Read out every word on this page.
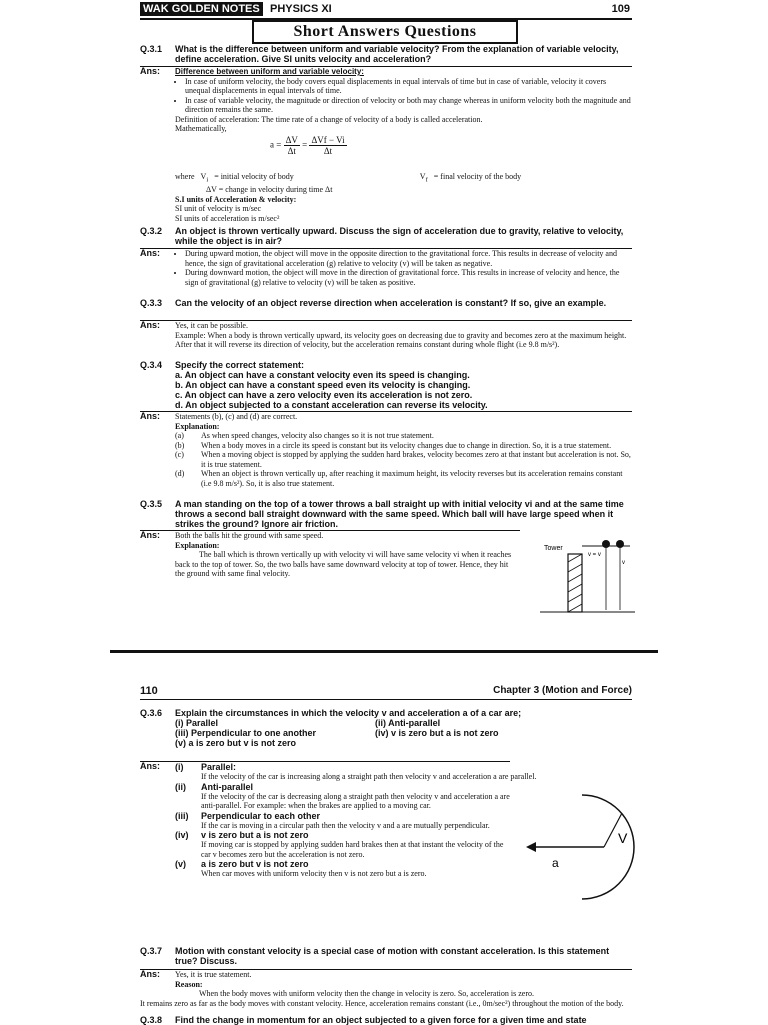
WAK GOLDEN NOTES PHYSICS XI	109
Short Answers Questions
Q.3.1 What is the difference between uniform and variable velocity? From the explanation of variable velocity, define acceleration. Give SI units velocity and acceleration?
Ans: Difference between uniform and variable velocity:
• In case of uniform velocity, the body covers equal displacements in equal intervals of time but in case of variable, velocity it covers unequal displacements in equal intervals of time.
• In case of variable velocity, the magnitude or direction of velocity or both may change whereas in uniform velocity both the magnitude and direction remains the same.
Definition of acceleration: The time rate of a change of velocity of a body is called acceleration.
Mathematically,
$a = \frac{\Delta V}{\Delta t} = \frac{\text{ΔVf − Vi}}{\Delta t}$
where $V_i$ = initial velocity of body	$V_f$ = final velocity of the body
ΔV = change in velocity during time Δt
S.I units of Acceleration & velocity:
SI unit of velocity is m/sec
SI units of acceleration is m/sec²
Q.3.2 An object is thrown vertically upward. Discuss the sign of acceleration due to gravity, relative to velocity, while the object is in air?
Ans:
•	During upward motion, the object will move in the opposite direction to the gravitational force. This results in decrease of velocity and hence, the sign of gravitational acceleration (g) relative to velocity (v) will be taken as negative.
• During downward motion, the object will move in the direction of gravitational force. This results in increase of velocity and hence, the sign of gravitational (g) relative to velocity (v) will be taken as positive.
Q.3.3 Can the velocity of an object reverse direction when acceleration is constant? If so, give an example.
Ans: Yes, it can be possible.
Example: When a body is thrown vertically upward, its velocity goes on decreasing due to gravity and becomes zero at the maximum height. After that it will reverse its direction of velocity, but the acceleration remains constant during whole flight (i.e 9.8 m/s²).
Q.3.4 Specify the correct statement:
a. An object can have a constant velocity even its speed is changing.
b. An object can have a constant speed even its velocity is changing.
c. An object can have a zero velocity even its acceleration is not zero.
d. An object subjected to a constant acceleration can reverse its velocity.
Ans: Statements (b), (c) and (d) are correct.
Explanation:
(a)	As when speed changes, velocity also changes so it is not true statement.
(b)	When a body moves in a circle its speed is constant but its velocity changes due to change in direction. So, it is a true statement.
(c)	When a moving object is stopped by applying the sudden hard brakes, velocity becomes zero at that instant but acceleration is not. So, it is true statement.
(d)	When an object is thrown vertically up, after reaching it maximum height, its velocity reverses but its acceleration remains constant (i.e 9.8 m/s²). So, it is also true statement.
Q.3.5 A man standing on the top of a tower throws a ball straight up with initial velocity vi and at the same time throws a second ball straight downward with the same speed. Which ball will have large speed when it strikes the ground? Ignore air friction.
Ans: Both the balls hit the ground with same speed.
Explanation:
The ball which is thrown vertically up with velocity vi will have same velocity vi when it reaches back to the top of tower. So, the two balls have same downward velocity at top of tower. Hence, they hit the ground with same final velocity.
Tower
v = v
v
110	Chapter 3 (Motion and Force)
Q.3.6 Explain the circumstances in which the velocity v and acceleration a of a car are;
(i) Parallel	(ii) Anti-parallel
(iii) Perpendicular to one another	(iv) v is zero but a is not zero
(v) a is zero but v is not zero
Ans: (i)	Parallel:
If the velocity of the car is increasing along a straight path then velocity v and acceleration a are parallel.
(ii)	Anti-parallel
If the velocity of the car is decreasing along a straight path then velocity v and acceleration a are anti-parallel. For example: when the brakes are applied to a moving car.
(iii)	Perpendicular to each other
If the car is moving in a circular path then the velocity v and a are mutually perpendicular.
(iv)	v is zero but a is not zero
If moving car is stopped by applying sudden hard brakes then at that instant the velocity of the car v becomes zero but the acceleration is not zero.
(v)	a is zero but v is not zero
When car moves with uniform velocity then v is not zero but a is zero.
V
a
Q.3.7 Motion with constant velocity is a special case of motion with constant acceleration. Is this statement true? Discuss.
Ans: Yes, it is true statement.
Reason:
When the body moves with uniform velocity then the change in velocity is zero. So, acceleration is zero.
It remains zero as far as the body moves with constant velocity. Hence, acceleration remains constant (i.e., 0m/sec²) throughout the motion of the body.
Q.3.8 Find the change in momentum for an object subjected to a given force for a given time and state
